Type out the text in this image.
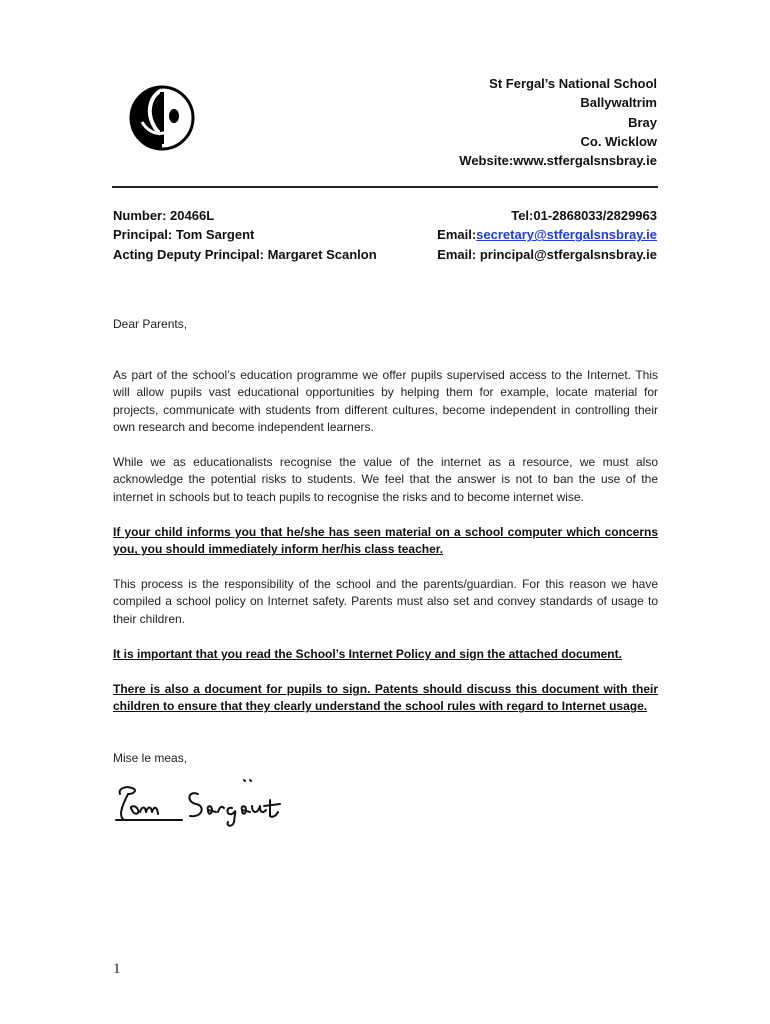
St Fergal’s National School
Ballywaltrim
Bray
Co. Wicklow
Website:www.stfergalsnsbray.ie
Number: 20466L
Principal: Tom Sargent
Acting Deputy Principal: Margaret Scanlon
Tel:01-2868033/2829963
Email:secretary@stfergalsnsbray.ie
Email: principal@stfergalsnsbray.ie
Dear Parents,
As part of the school’s education programme we offer pupils supervised access to the Internet. This will allow pupils vast educational opportunities by helping them for example, locate material for projects, communicate with students from different cultures, become independent in controlling their own research and become independent learners.
While we as educationalists recognise the value of the internet as a resource, we must also acknowledge the potential risks to students. We feel that the answer is not to ban the use of the internet in schools but to teach pupils to recognise the risks and to become internet wise.
If your child informs you that he/she has seen material on a school computer which concerns you, you should immediately inform her/his class teacher.
This process is the responsibility of the school and the parents/guardian. For this reason we have compiled a school policy on Internet safety. Parents must also set and convey standards of usage to their children.
It is important that you read the School’s Internet Policy and sign the attached document.
There is also a document for pupils to sign. Patents should discuss this document with their children to ensure that they clearly understand the school rules with regard to Internet usage.
Mise le meas,
1
